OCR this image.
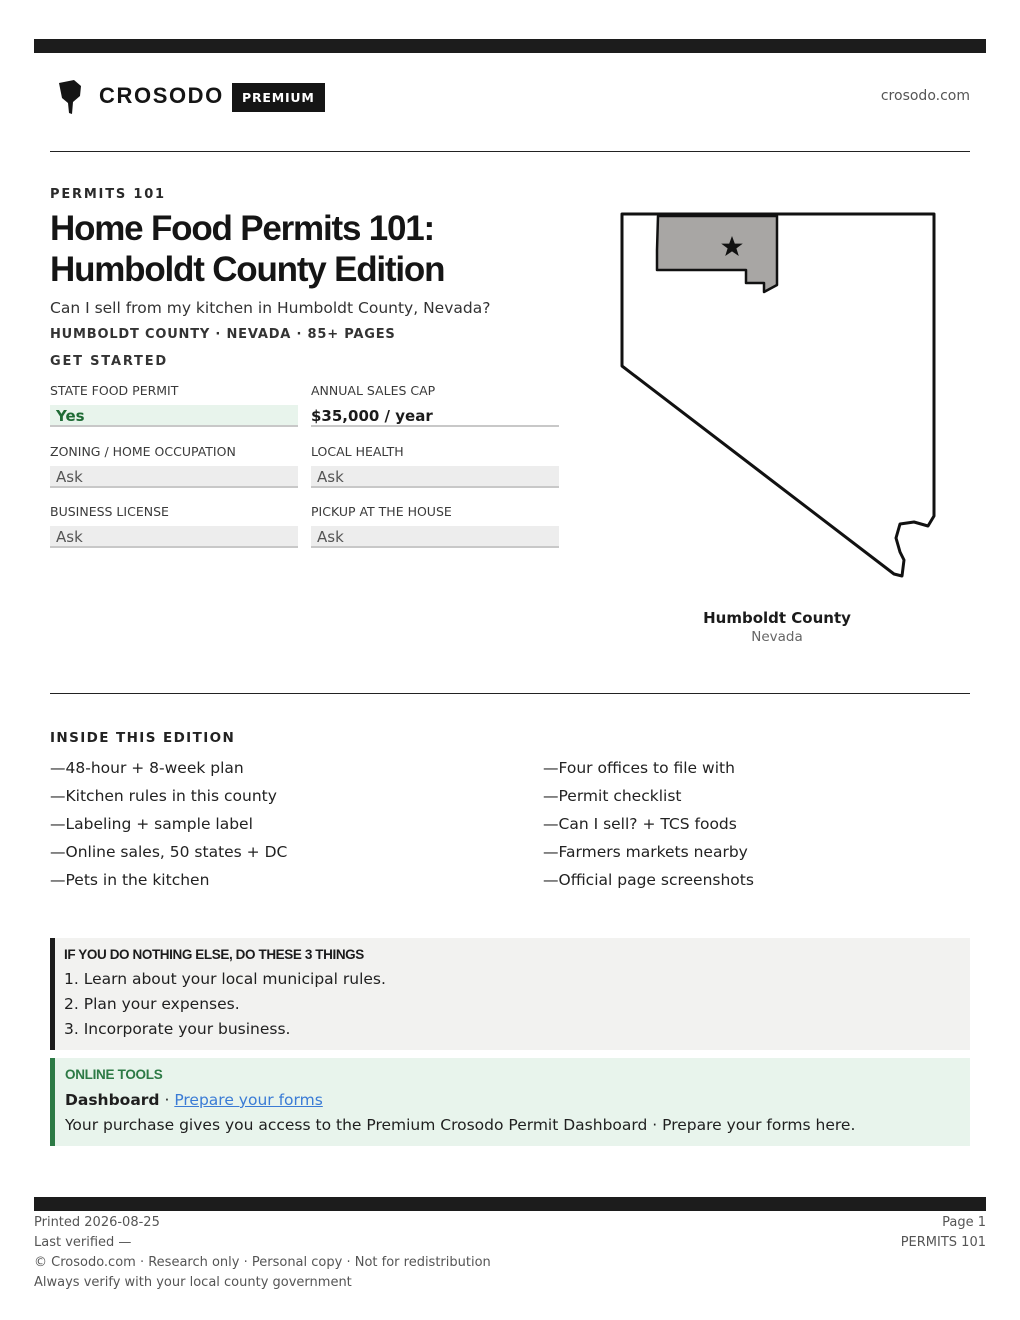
CROSODO	PREMIUM	crosodo.com
PERMITS 101
Home Food Permits 101:
Humboldt County Edition
Can I sell from my kitchen in Humboldt County, Nevada?
HUMBOLDT COUNTY · NEVADA · 85+ PAGES
GET STARTED
STATE FOOD PERMIT
Yes
ANNUAL SALES CAP
$35,000 / year
ZONING / HOME OCCUPATION
Ask
LOCAL HEALTH
Ask
BUSINESS LICENSE
Ask
PICKUP AT THE HOUSE
Ask
Humboldt County
Nevada
INSIDE THIS EDITION
—48-hour + 8-week plan
—Kitchen rules in this county
—Labeling + sample label
—Online sales, 50 states + DC
—Pets in the kitchen
—Four offices to file with
—Permit checklist
—Can I sell? + TCS foods
—Farmers markets nearby
—Official page screenshots
IF YOU DO NOTHING ELSE, DO THESE 3 THINGS
1. Learn about your local municipal rules.
2. Plan your expenses.
3. Incorporate your business.
ONLINE TOOLS
Dashboard · Prepare your forms
Your purchase gives you access to the Premium Crosodo Permit Dashboard · Prepare your forms here.
Printed 2026-08-25
Last verified —
© Crosodo.com · Research only · Personal copy · Not for redistribution
Always verify with your local county government
Page 1
PERMITS 101
